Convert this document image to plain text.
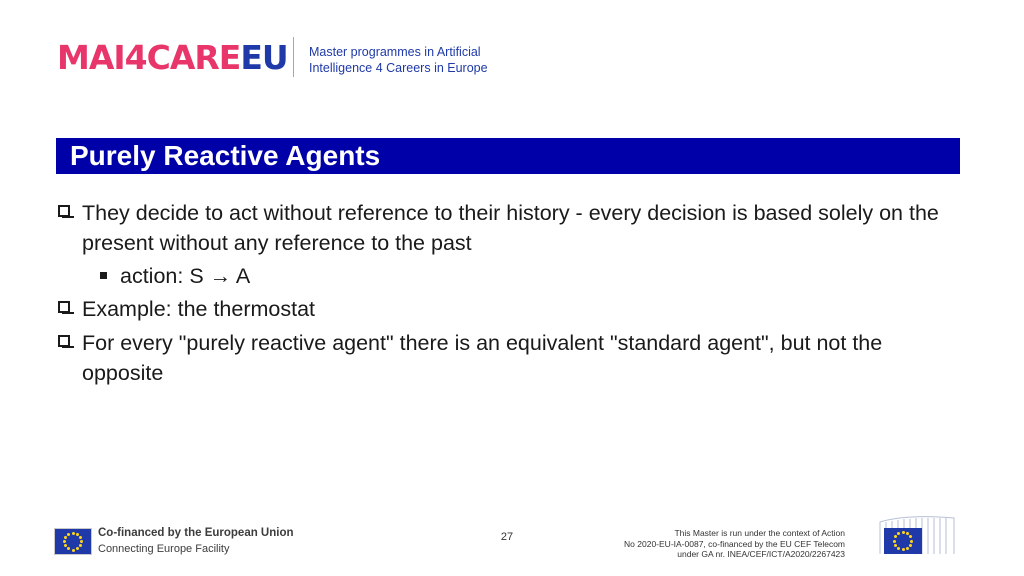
MAI 4 CARE EU Master programmes in Artificial
Intelligence 4 Careers in Europe
Purely Reactive Agents
They decide to act without reference to their history - every decision is based solely on the present without any reference to the past
action: S → A
Example: the thermostat
For every "purely reactive agent" there is an equivalent "standard agent", but not the opposite
Co-financed by the European Union
Connecting Europe Facility
27	This Master is run under the context of Action
No 2020-EU-IA-0087, co-financed by the EU CEF Telecom
under GA nr. INEA/CEF/ICT/A2020/2267423
